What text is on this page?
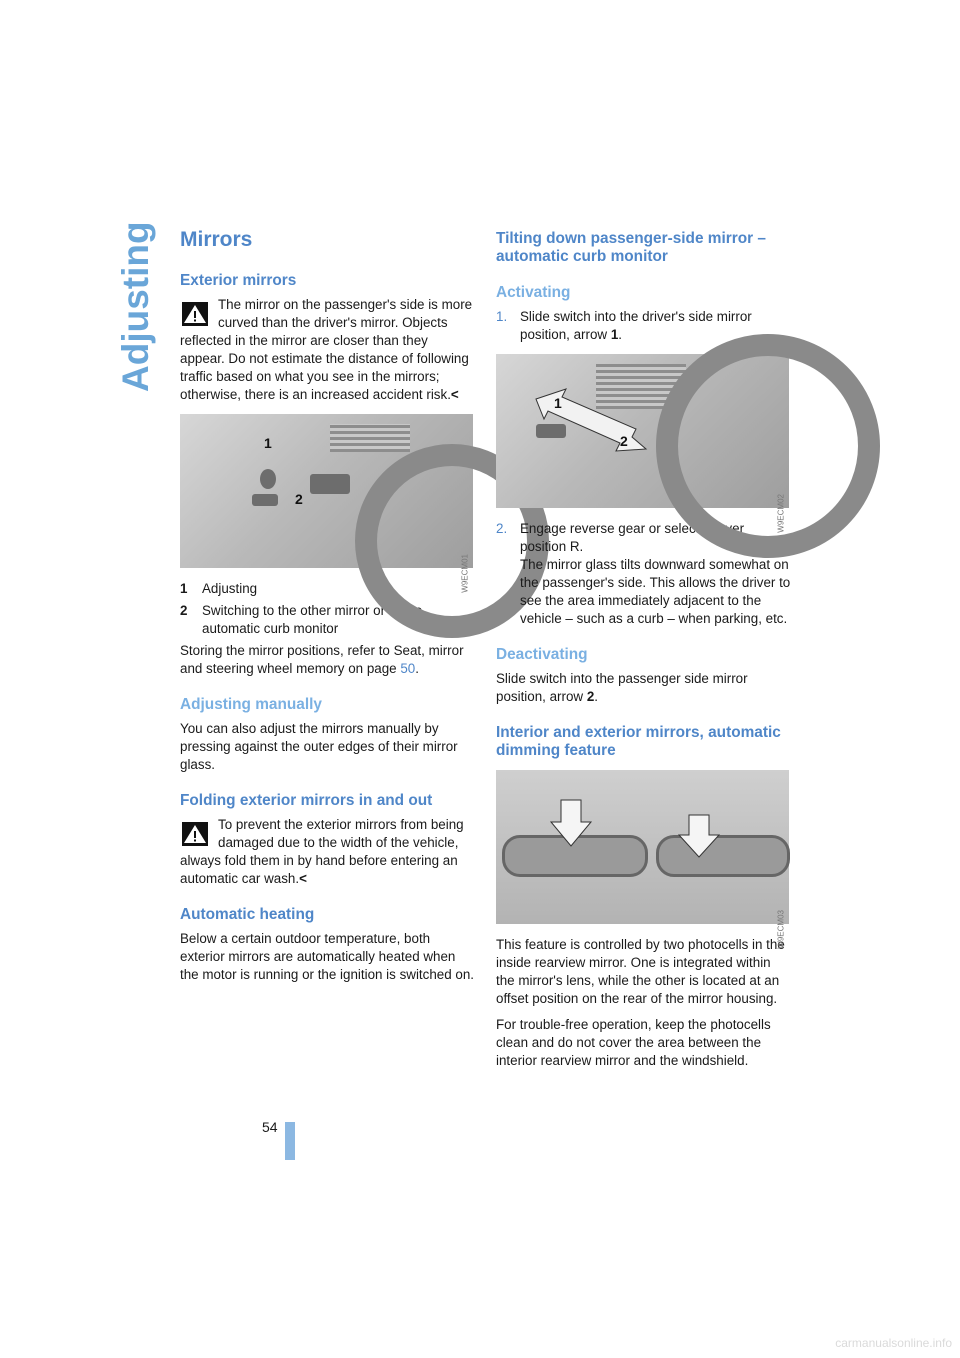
Adjusting Mirrors
Exterior mirrors

The mirror on the passenger's side is more curved than the driver's mirror. Objects reflected in the mirror are closer than they appear. Do not estimate the distance of following traffic based on what you see in the mirrors; otherwise, there is an increased accident risk.<

1
2
W9ECM01
1	Adjusting
2	Switching to the other mirror or to the automatic curb monitor

Storing the mirror positions, refer to Seat, mirror and steering wheel memory on page 50.

Adjusting manually

You can also adjust the mirrors manually by pressing against the outer edges of their mirror glass.

Folding exterior mirrors in and out

To prevent the exterior mirrors from being damaged due to the width of the vehicle, always fold them in by hand before entering an automatic car wash.<

Automatic heating

Below a certain outdoor temperature, both exterior mirrors are automatically heated when the motor is running or the ignition is switched on.

Tilting down passenger-side mirror – automatic curb monitor
Activating
1. Slide switch into the driver's side mirror position, arrow 1.
1
2
W9ECM02
2. Engage reverse gear or selector lever position R.
The mirror glass tilts downward somewhat on the passenger's side. This allows the driver to see the area immediately adjacent to the vehicle – such as a curb – when parking, etc.
Deactivating

Slide switch into the passenger side mirror position, arrow 2.

Interior and exterior mirrors, automatic dimming feature
W9ECM03

This feature is controlled by two photocells in the inside rearview mirror. One is integrated within the mirror's lens, while the other is located at an offset position on the rear of the mirror housing.

For trouble-free operation, keep the photocells clean and do not cover the area between the interior rearview mirror and the windshield.

54
carmanualsonline.info
